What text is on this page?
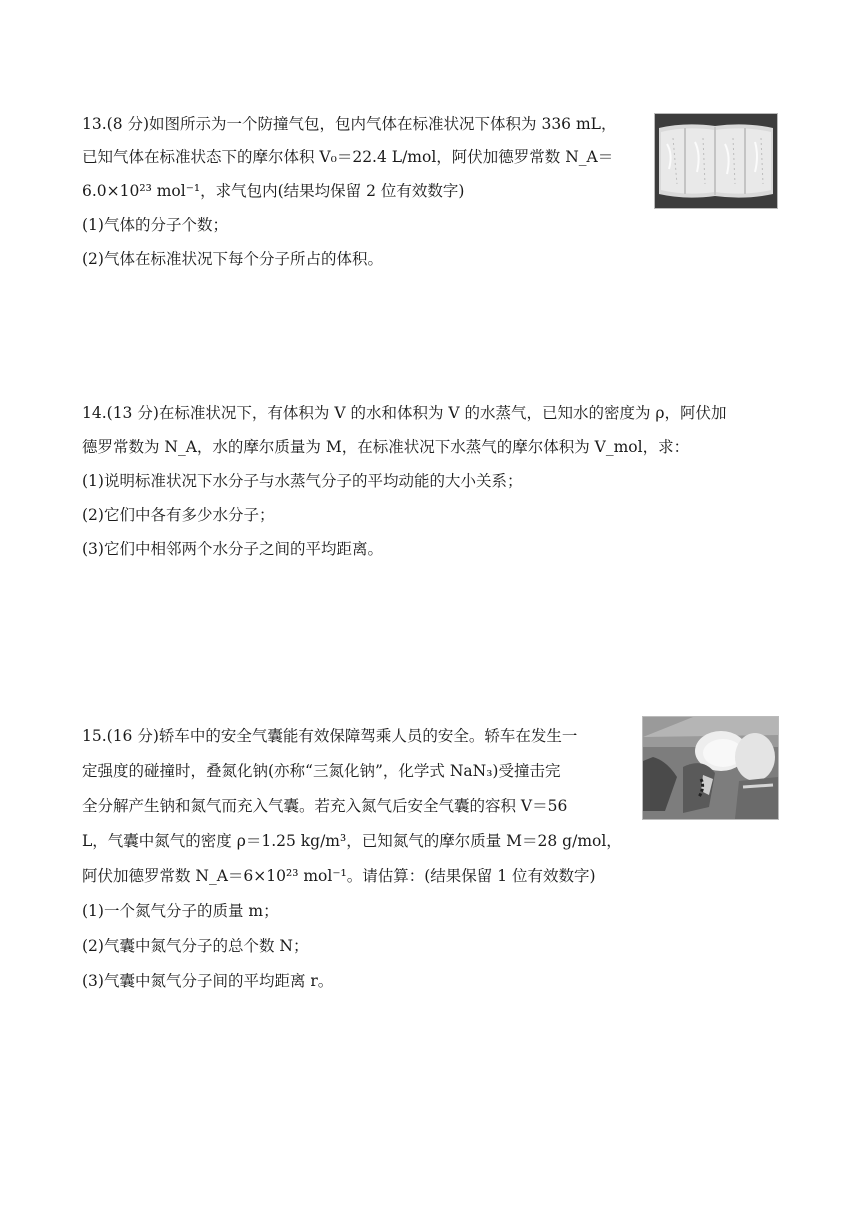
13.(8 分)如图所示为一个防撞气包，包内气体在标准状况下体积为 336 mL，
已知气体在标准状态下的摩尔体积 V₀＝22.4 L/mol，阿伏加德罗常数 N_A＝
6.0×10²³ mol⁻¹，求气包内(结果均保留 2 位有效数字)
(1)气体的分子个数；
(2)气体在标准状况下每个分子所占的体积。
14.(13 分)在标准状况下，有体积为 V 的水和体积为 V 的水蒸气，已知水的密度为 ρ，阿伏加
德罗常数为 N_A，水的摩尔质量为 M，在标准状况下水蒸气的摩尔体积为 V_mol，求：
(1)说明标准状况下水分子与水蒸气分子的平均动能的大小关系；
(2)它们中各有多少水分子；
(3)它们中相邻两个水分子之间的平均距离。
15.(16 分)轿车中的安全气囊能有效保障驾乘人员的安全。轿车在发生一
定强度的碰撞时，叠氮化钠(亦称“三氮化钠”，化学式 NaN₃)受撞击完
全分解产生钠和氮气而充入气囊。若充入氮气后安全气囊的容积 V＝56
L，气囊中氮气的密度 ρ＝1.25 kg/m³，已知氮气的摩尔质量 M＝28 g/mol，
阿伏加德罗常数 N_A＝6×10²³ mol⁻¹。请估算：(结果保留 1 位有效数字)
(1)一个氮气分子的质量 m；
(2)气囊中氮气分子的总个数 N；
(3)气囊中氮气分子间的平均距离 r。
